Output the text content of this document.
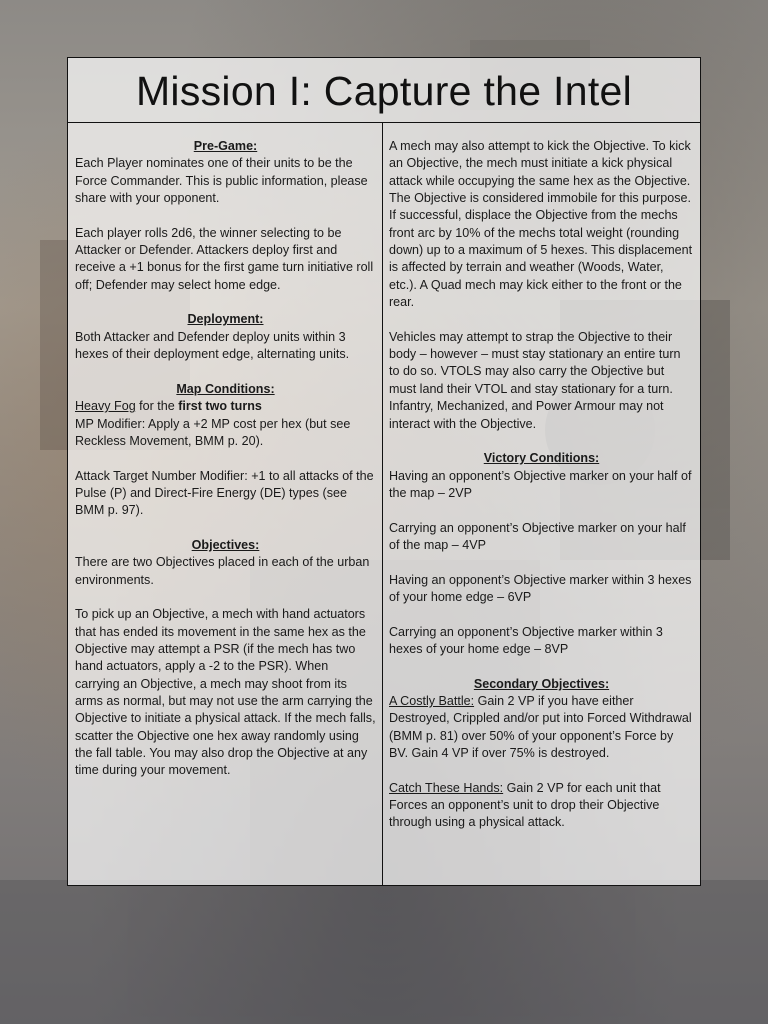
Mission I: Capture the Intel
Pre-Game:

Each Player nominates one of their units to be the Force Commander. This is public information, please share with your opponent.

Each player rolls 2d6, the winner selecting to be Attacker or Defender. Attackers deploy first and receive a +1 bonus for the first game turn initiative roll off; Defender may select home edge.

Deployment:

Both Attacker and Defender deploy units within 3 hexes of their deployment edge, alternating units.

Map Conditions:
Heavy Fog for the first two turns

MP Modifier: Apply a +2 MP cost per hex (but see Reckless Movement, BMM p. 20).

Attack Target Number Modifier: +1 to all attacks of the Pulse (P) and Direct-Fire Energy (DE) types (see BMM p. 97).

Objectives:

There are two Objectives placed in each of the urban environments.

To pick up an Objective, a mech with hand actuators that has ended its movement in the same hex as the Objective may attempt a PSR (if the mech has two hand actuators, apply a -2 to the PSR). When carrying an Objective, a mech may shoot from its arms as normal, but may not use the arm carrying the Objective to initiate a physical attack. If the mech falls, scatter the Objective one hex away randomly using the fall table. You may also drop the Objective at any time during your movement.

A mech may also attempt to kick the Objective. To kick an Objective, the mech must initiate a kick physical attack while occupying the same hex as the Objective. The Objective is considered immobile for this purpose. If successful, displace the Objective from the mechs front arc by 10% of the mechs total weight (rounding down) up to a maximum of 5 hexes. This displacement is affected by terrain and weather (Woods, Water, etc.). A Quad mech may kick either to the front or the rear.

Vehicles may attempt to strap the Objective to their body – however – must stay stationary an entire turn to do so. VTOLS may also carry the Objective but must land their VTOL and stay stationary for a turn. Infantry, Mechanized, and Power Armour may not interact with the Objective.

Victory Conditions:

Having an opponent’s Objective marker on your half of the map – 2VP

Carrying an opponent’s Objective marker on your half of the map – 4VP

Having an opponent’s Objective marker within 3 hexes of your home edge – 6VP

Carrying an opponent’s Objective marker within 3 hexes of your home edge – 8VP

Secondary Objectives:

A Costly Battle: Gain 2 VP if you have either Destroyed, Crippled and/or put into Forced Withdrawal (BMM p. 81) over 50% of your opponent’s Force by BV. Gain 4 VP if over 75% is destroyed.

Catch These Hands: Gain 2 VP for each unit that Forces an opponent’s unit to drop their Objective through using a physical attack.
